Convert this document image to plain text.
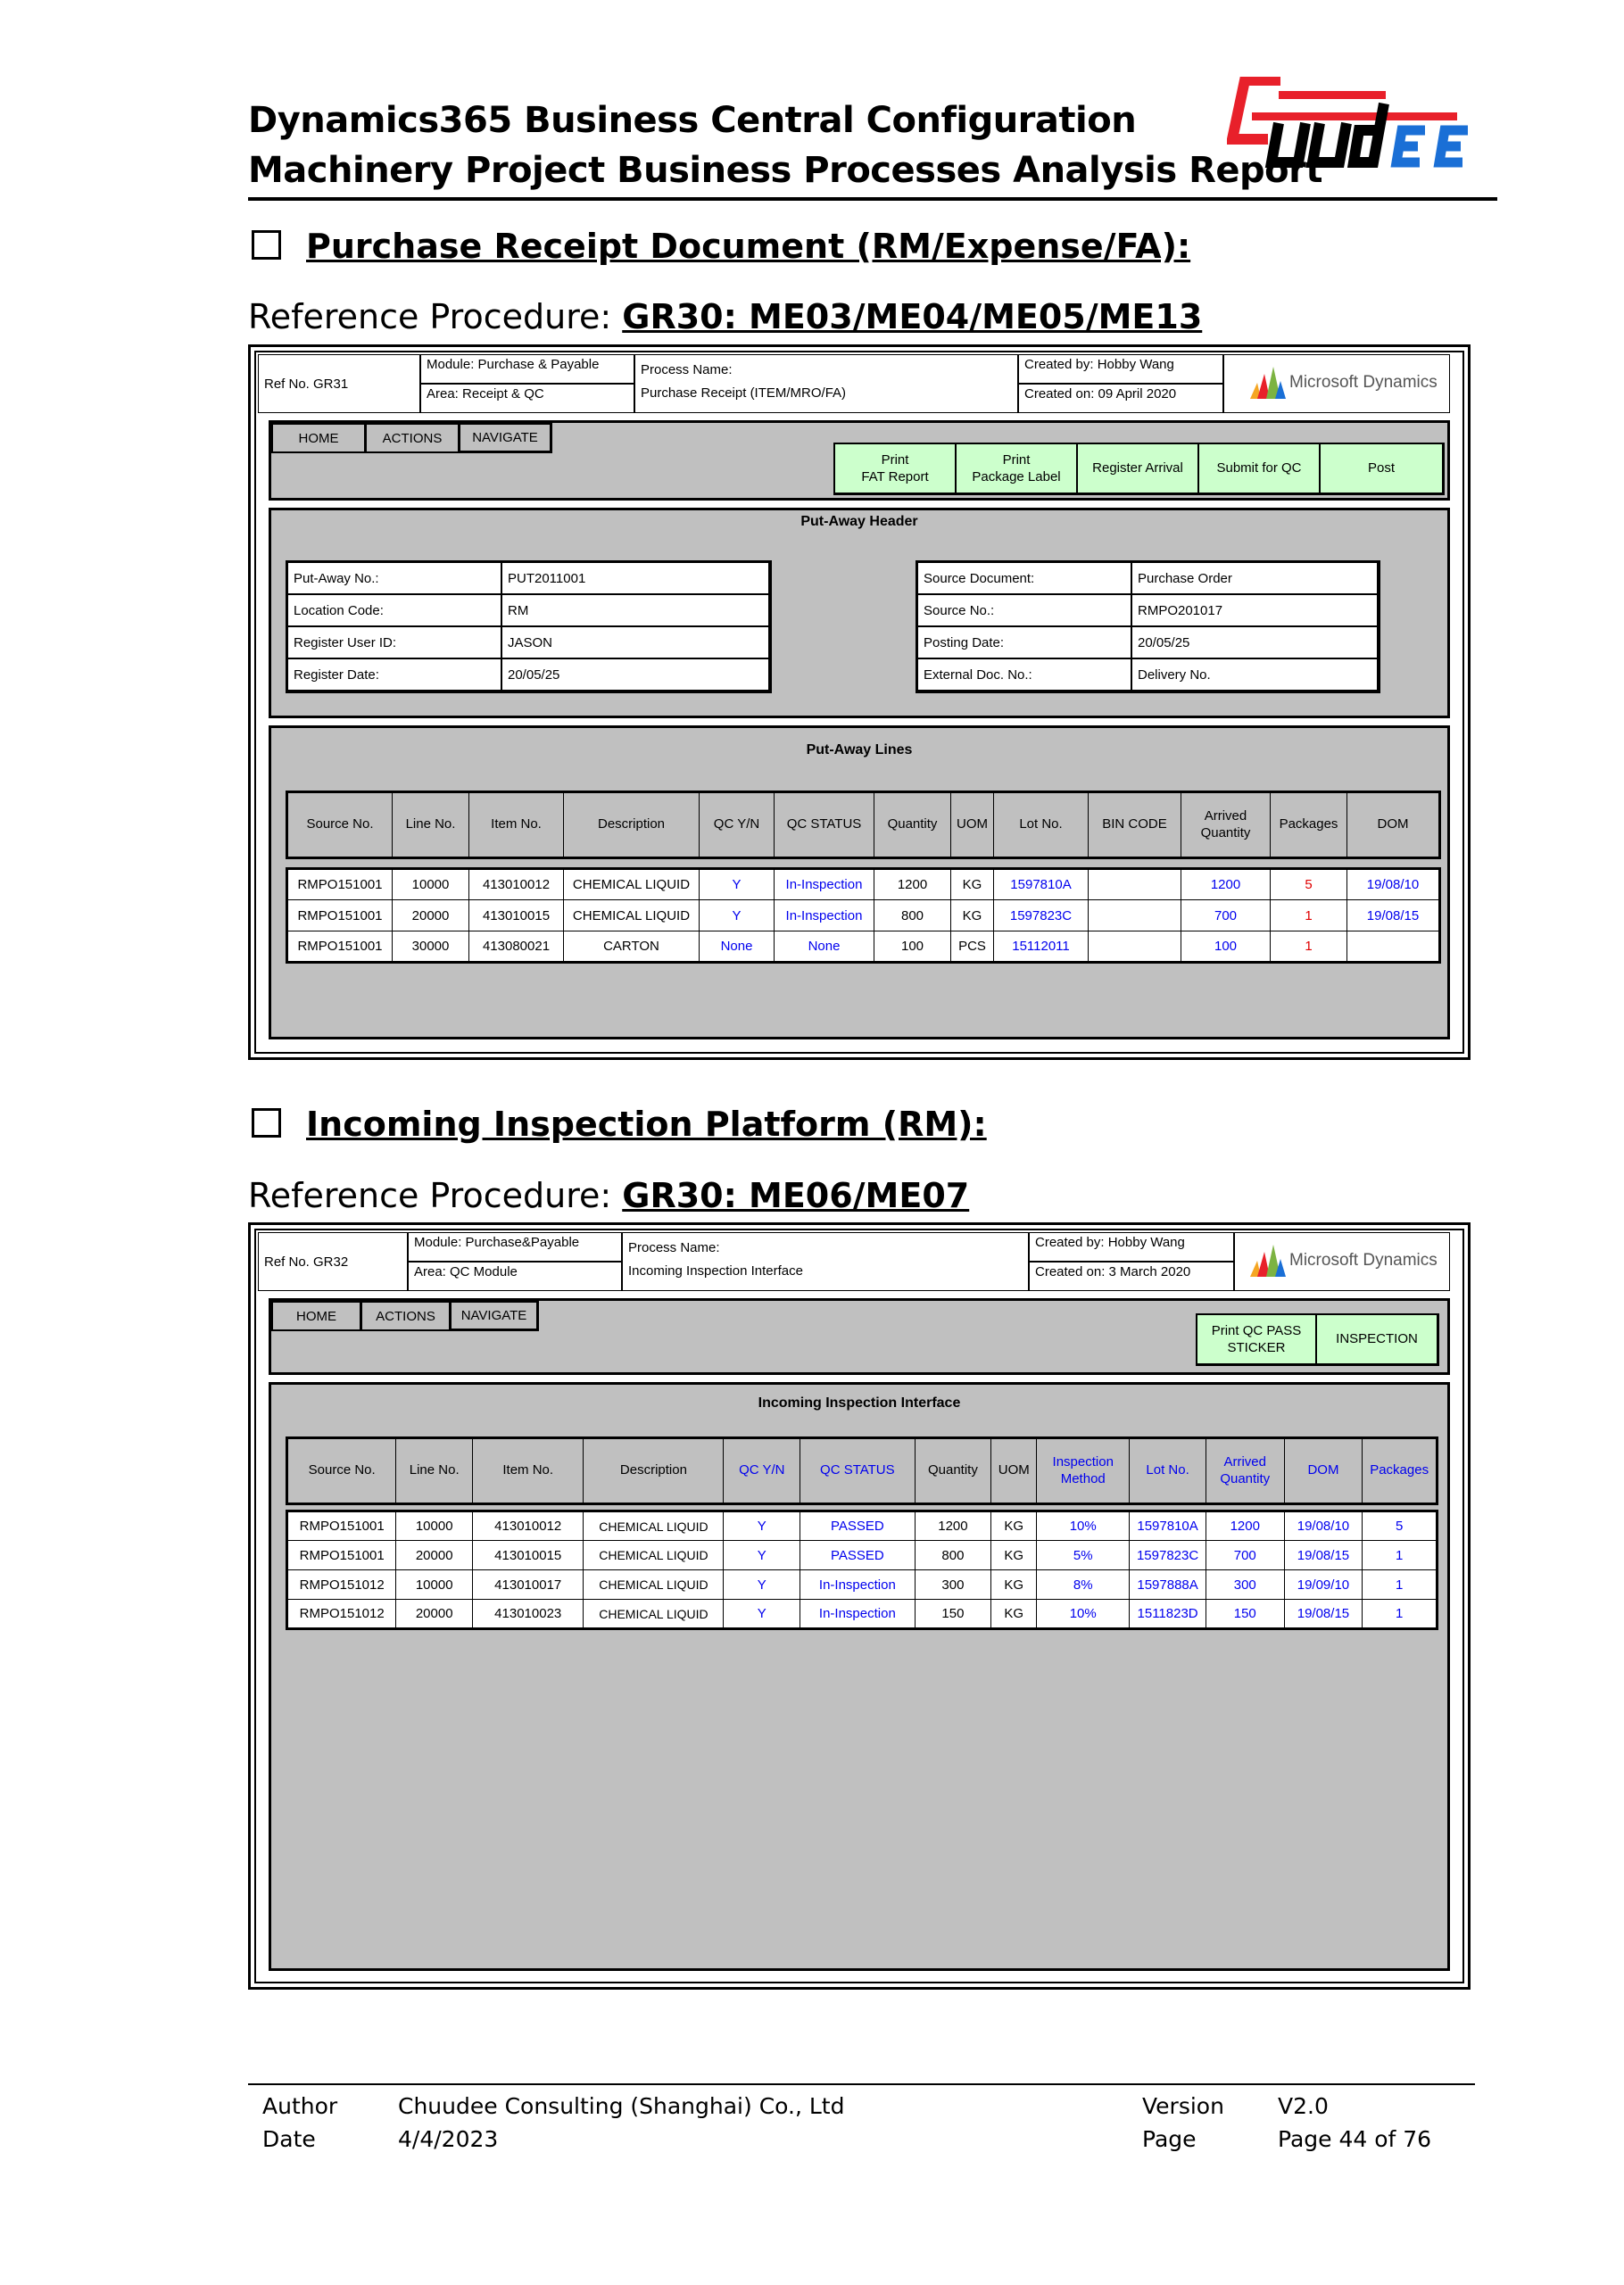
Dynamics365 Business Central Configuration
Machinery Project Business Processes Analysis Report
Purchase Receipt Document (RM/Expense/FA):
Reference Procedure: GR30: ME03/ME04/ME05/ME13
Ref No. GR31
Module: Purchase & Payable
Area: Receipt & QC
Process Name:
Purchase Receipt (ITEM/MRO/FA)
Created by: Hobby Wang
Created on: 09 April 2020
Microsoft Dynamics
HOME	ACTIONS	NAVIGATE
Print
FAT Report
Print
Package Label
Register Arrival	Submit for QC	Post
Put-Away Header
Put-Away No.:	PUT2011001
Location Code:	RM
Register User ID:	JASON
Register Date:	20/05/25
Source Document:	Purchase Order
Source No.:	RMPO201017
Posting Date:	20/05/25
External Doc. No.:	Delivery No.
Put-Away Lines
Source No.	Line No.	Item No.	Description	QC Y/N	QC STATUS	Quantity	UOM	Lot No.	BIN CODE	Arrived Quantity	Packages	DOM
RMPO151001	10000	413010012	CHEMICAL LIQUID	Y	In-Inspection	1200	KG	1597810A		1200	5	19/08/10
RMPO151001	20000	413010015	CHEMICAL LIQUID	Y	In-Inspection	800	KG	1597823C		700	1	19/08/15
RMPO151001	30000	413080021	CARTON	None	None	100	PCS	15112011		100	1	
Incoming Inspection Platform (RM):
Reference Procedure: GR30: ME06/ME07
Ref No. GR32
Module: Purchase&Payable
Area: QC Module
Process Name:
Incoming Inspection Interface
Created by: Hobby Wang
Created on: 3 March 2020
Microsoft Dynamics
HOME	ACTIONS	NAVIGATE
Print QC PASS
STICKER
INSPECTION
Incoming Inspection Interface
Source No.	Line No.	Item No.	Description	QC Y/N	QC STATUS	Quantity	UOM	Inspection Method	Lot No.	Arrived Quantity	DOM	Packages
RMPO151001	10000	413010012	CHEMICAL LIQUID	Y	PASSED	1200	KG	10%	1597810A	1200	19/08/10	5
RMPO151001	20000	413010015	CHEMICAL LIQUID	Y	PASSED	800	KG	5%	1597823C	700	19/08/15	1
RMPO151012	10000	413010017	CHEMICAL LIQUID	Y	In-Inspection	300	KG	8%	1597888A	300	19/09/10	1
RMPO151012	20000	413010023	CHEMICAL LIQUID	Y	In-Inspection	150	KG	10%	1511823D	150	19/08/15	1
Author	Chuudee Consulting (Shanghai) Co., Ltd
Date	4/4/2023
Version V2.0
Page	Page 44 of 76
